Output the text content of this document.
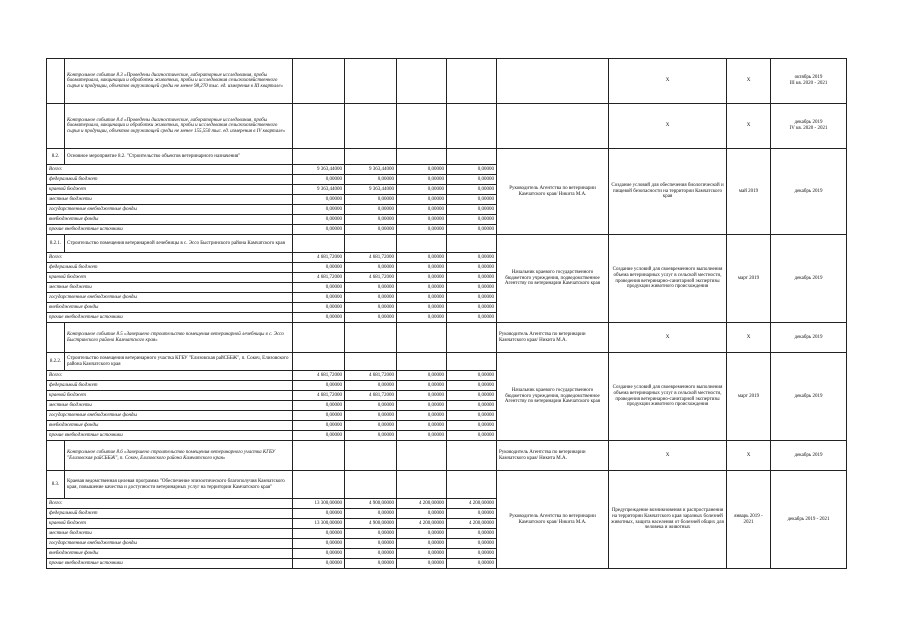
	Контрольное событие 8.3 «Проведены диагностические, лабораторные исследования, пробы биоматериала, вакцинации и обработки животных, пробы и исследования сельскохозяйственного сырья и продукции, объектов окружающей среды не менее 98,270 тыс. ед. измерения в III квартале»						X	X	октябрь 2019
III кв. 2020 - 2021
	Контрольное событие 8.4 «Проведены диагностические, лабораторные исследования, пробы биоматериала, вакцинации и обработки животных, пробы и исследования сельскохозяйственного сырья и продукции, объектов окружающей среды не менее 155,550 тыс. ед. измерения в IV квартале»						X	X	декабрь 2019
IV кв. 2020 - 2021
8.2.	Основное мероприятие 8.2. "Строительство объектов ветеринарного назначения"					Руководитель Агентства по ветеринарии Камчатского края/ Никита М.А.	Создание условий для обеспечения биологической и пищевой безопасности на территории Камчатского края	май 2019	декабрь 2019
Всего:		9 363,44000	9 363,44000	0,00000	0,00000				
федеральный бюджет		0,00000	0,00000	0,00000	0,00000				
краевой бюджет		9 363,44000	9 363,44000	0,00000	0,00000				
местные бюджеты		0,00000	0,00000	0,00000	0,00000				
государственные внебюджетные фонды		0,00000	0,00000	0,00000	0,00000				
внебюджетные фонды		0,00000	0,00000	0,00000	0,00000				
прочие внебюджетные источники		0,00000	0,00000	0,00000	0,00000				
8.2.1.	Строительство помещения ветеринарной лечебницы в с. Эссо Быстринского района Камчатского края					Начальник краевого государственного бюджетного учреждения, подведомственное Агентству по ветеринарии Камчатского края	Создание условий для своевременного выполнения объема ветеринарных услуг в сельской местности, проведения ветеринарно-санитарной экспертизы продукции животного происхождения	март 2019	декабрь 2019
Всего:		4 681,72000	4 681,72000	0,00000	0,00000				
федеральный бюджет		0,00000	0,00000	0,00000	0,00000				
краевой бюджет		4 681,72000	4 681,72000	0,00000	0,00000				
местные бюджеты		0,00000	0,00000	0,00000	0,00000				
государственные внебюджетные фонды		0,00000	0,00000	0,00000	0,00000				
внебюджетные фонды		0,00000	0,00000	0,00000	0,00000				
прочие внебюджетные источники		0,00000	0,00000	0,00000	0,00000				
	Контрольное событие 8.5 «Завершено строительство помещения ветеринарной лечебницы в с. Эссо Быстринского района Камчатского края»					Руководитель Агентства по ветеринарии Камчатского края/ Никита М.А.	X	X	декабрь 2019
8.2.2.	Строительство помещения ветеринарного участка КГБУ "Елизовская райСББЖ", п. Сокоч, Елизовского района Камчатского края					Начальник краевого государственного бюджетного учреждения, подведомственное Агентству по ветеринарии Камчатского края	Создание условий для своевременного выполнения объема ветеринарных услуг в сельской местности, проведения ветеринарно-санитарной экспертизы продукции животного происхождения	март 2019	декабрь 2019
Всего:		4 681,72000	4 681,72000	0,00000	0,00000				
федеральный бюджет		0,00000	0,00000	0,00000	0,00000				
краевой бюджет		4 681,72000	4 681,72000	0,00000	0,00000				
местные бюджеты		0,00000	0,00000	0,00000	0,00000				
государственные внебюджетные фонды		0,00000	0,00000	0,00000	0,00000				
внебюджетные фонды		0,00000	0,00000	0,00000	0,00000				
прочие внебюджетные источники		0,00000	0,00000	0,00000	0,00000				
	Контрольное событие 8.6 «Завершено строительство помещения ветеринарного участка КГБУ "Елизовская райСББЖ", п. Сокоч, Елизовского района Камчатского края»					Руководитель Агентства по ветеринарии Камчатского края/ Никита М.А.	X	X	декабрь 2019
8.3.	Краевая ведомственная целевая программа "Обеспечение эпизоотического благополучия Камчатского края, повышение качества и доступности ветеринарных услуг на территории Камчатского края"					Руководитель Агентства по ветеринарии Камчатского края/ Никита М.А.	Предупреждение возникновения и распространения на территории Камчатского края заразных болезней животных, защита населения от болезней общих для человека и животных	январь 2019 - 2021	декабрь 2019 - 2021
Всего:		13 300,00000	4 900,00000	4 200,00000	4 200,00000				
федеральный бюджет		0,00000	0,00000	0,00000	0,00000				
краевой бюджет		13 300,00000	4 900,00000	4 200,00000	4 200,00000				
местные бюджеты		0,00000	0,00000	0,00000	0,00000				
государственные внебюджетные фонды		0,00000	0,00000	0,00000	0,00000				
внебюджетные фонды		0,00000	0,00000	0,00000	0,00000				
прочие внебюджетные источники		0,00000	0,00000	0,00000	0,00000				
